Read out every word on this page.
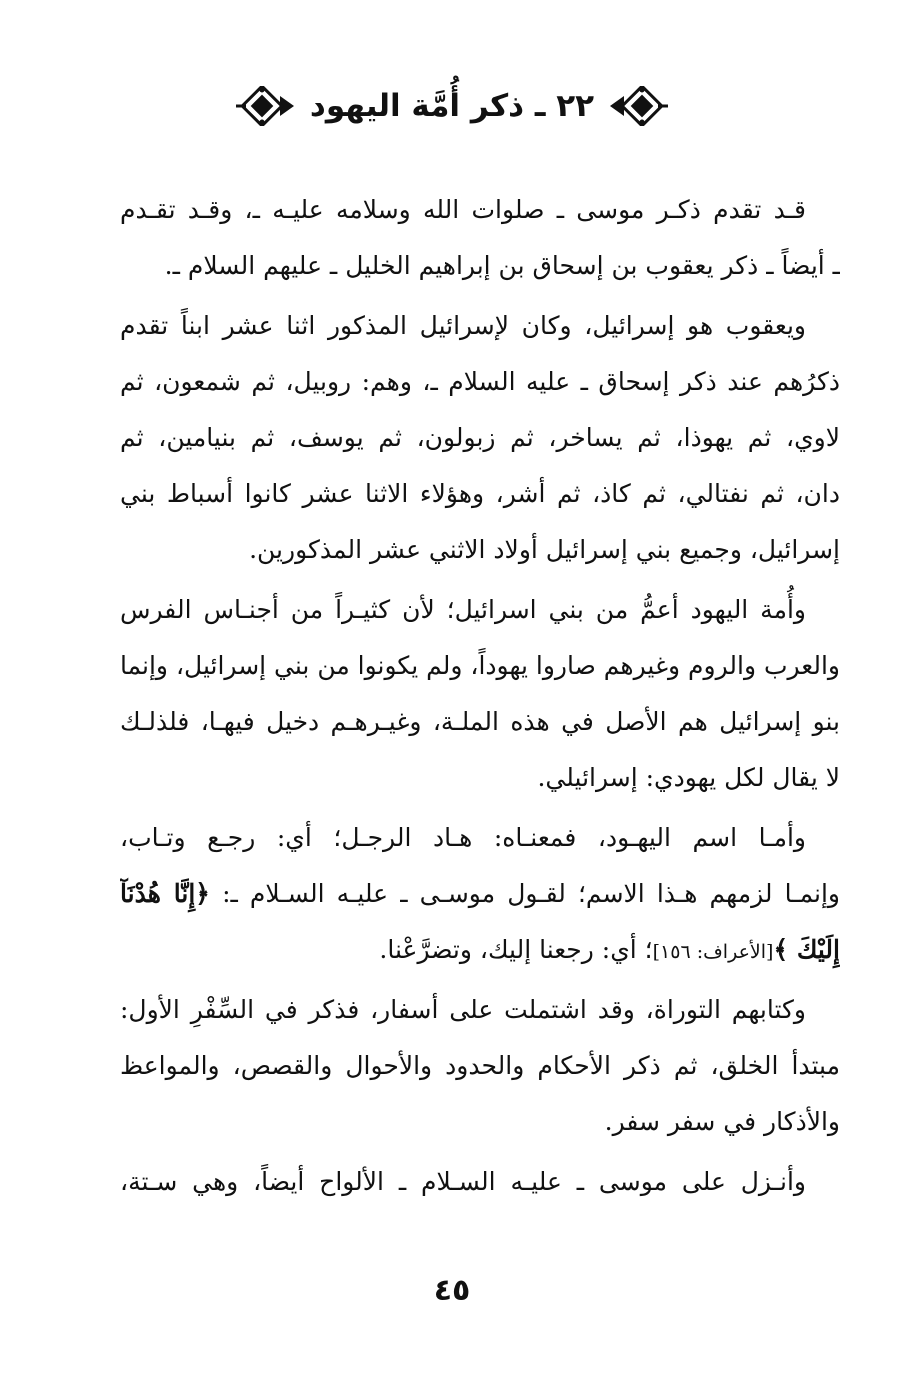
٢٢ ـ ذكر أُمَّة اليهود
قـد تقدم ذكـر موسى ـ صلوات الله وسلامه عليـه ـ، وقـد تقـدم
ـ أيضاً ـ ذكر يعقوب بن إسحاق بن إبراهيم الخليل ـ عليهم السلام ـ.
ويعقوب هو إسرائيل، وكان لإسرائيل المذكور اثنا عشر ابناً تقدم
ذكرُهم عند ذكر إسحاق ـ عليه السلام ـ، وهم: روبيل، ثم شمعون، ثم
لاوي، ثم يهوذا، ثم يساخر، ثم زبولون، ثم يوسف، ثم بنيامين، ثم
دان، ثم نفتالي، ثم كاذ، ثم أشر، وهؤلاء الاثنا عشر كانوا أسباط بني
إسرائيل، وجميع بني إسرائيل أولاد الاثني عشر المذكورين.
وأُمة اليهود أعمُّ من بني اسرائيل؛ لأن كثيـراً من أجنـاس الفرس
والعرب والروم وغيرهم صاروا يهوداً، ولم يكونوا من بني إسرائيل، وإنما
بنو إسرائيل هم الأصل في هذه الملـة، وغيـرهـم دخيل فيهـا، فلذلـك
لا يقال لكل يهودي: إسرائيلي.
وأمـا اسم اليهـود، فمعنـاه: هـاد الرجـل؛ أي: رجـع وتـاب،
وإنمـا لزمهم هـذا الاسم؛ لقـول موسـى ـ عليـه السـلام ـ: ﴿إِنَّا هُدْنَآ
إِلَيْكَ ﴾[الأعراف: ١٥٦]؛ أي: رجعنا إليك، وتضرَّعْنا.
وكتابهم التوراة، وقد اشتملت على أسفار، فذكر في السِّفْرِ الأول:
مبتدأ الخلق، ثم ذكر الأحكام والحدود والأحوال والقصص، والمواعظ
والأذكار في سفر سفر.
وأنـزل على موسى ـ عليـه السـلام ـ الألواح أيضاً، وهي سـتة،
٤٥
